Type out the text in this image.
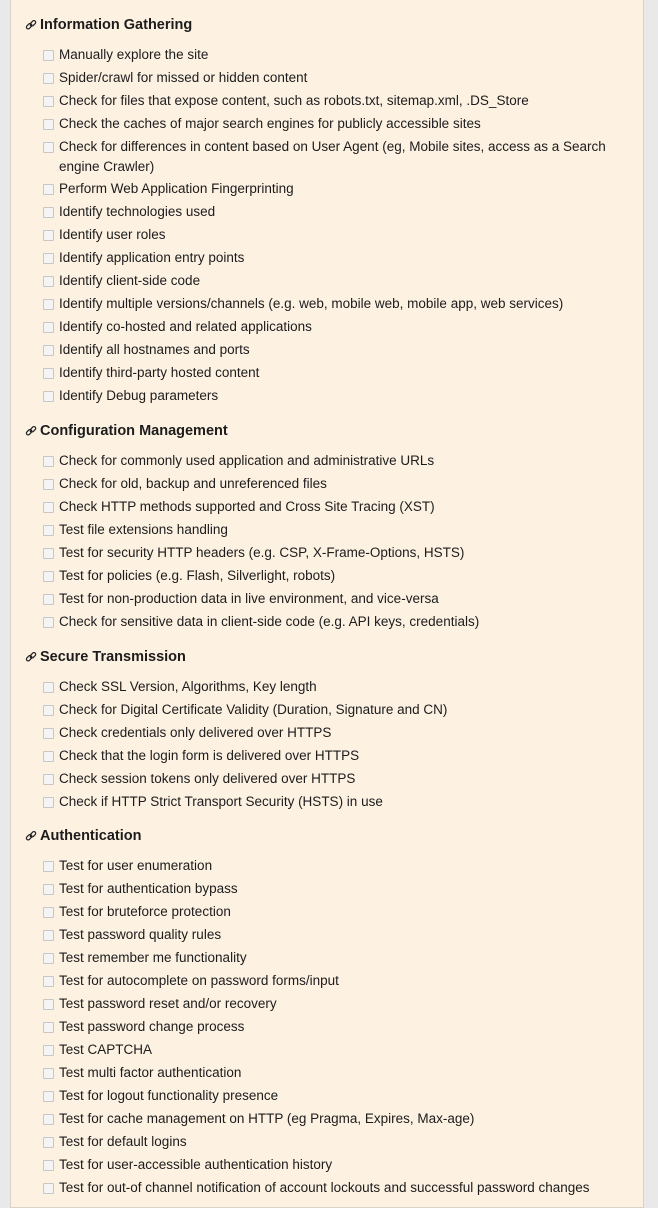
Information Gathering
Manually explore the site
Spider/crawl for missed or hidden content
Check for files that expose content, such as robots.txt, sitemap.xml, .DS_Store
Check the caches of major search engines for publicly accessible sites
Check for differences in content based on User Agent (eg, Mobile sites, access as a Search engine Crawler)
Perform Web Application Fingerprinting
Identify technologies used
Identify user roles
Identify application entry points
Identify client-side code
Identify multiple versions/channels (e.g. web, mobile web, mobile app, web services)
Identify co-hosted and related applications
Identify all hostnames and ports
Identify third-party hosted content
Identify Debug parameters
Configuration Management
Check for commonly used application and administrative URLs
Check for old, backup and unreferenced files
Check HTTP methods supported and Cross Site Tracing (XST)
Test file extensions handling
Test for security HTTP headers (e.g. CSP, X-Frame-Options, HSTS)
Test for policies (e.g. Flash, Silverlight, robots)
Test for non-production data in live environment, and vice-versa
Check for sensitive data in client-side code (e.g. API keys, credentials)
Secure Transmission
Check SSL Version, Algorithms, Key length
Check for Digital Certificate Validity (Duration, Signature and CN)
Check credentials only delivered over HTTPS
Check that the login form is delivered over HTTPS
Check session tokens only delivered over HTTPS
Check if HTTP Strict Transport Security (HSTS) in use
Authentication
Test for user enumeration
Test for authentication bypass
Test for bruteforce protection
Test password quality rules
Test remember me functionality
Test for autocomplete on password forms/input
Test password reset and/or recovery
Test password change process
Test CAPTCHA
Test multi factor authentication
Test for logout functionality presence
Test for cache management on HTTP (eg Pragma, Expires, Max-age)
Test for default logins
Test for user-accessible authentication history
Test for out-of channel notification of account lockouts and successful password changes
